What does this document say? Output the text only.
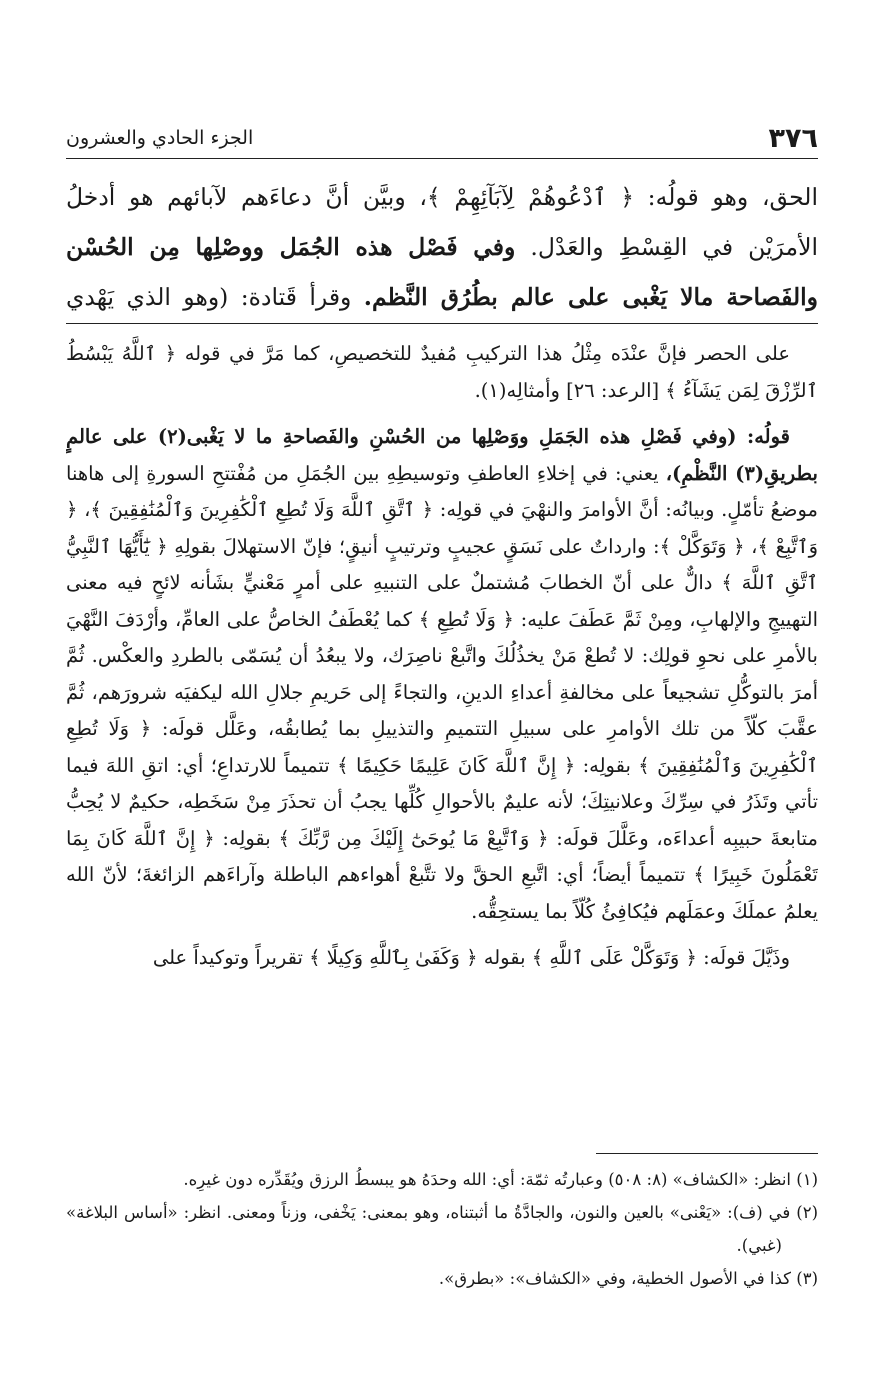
٣٧٦
الجزء الحادي والعشرون
الحق، وهو قولُه: ﴿ ٱدْعُوهُمْ لِآبَآئِهِمْ ﴾، وبيَّن أنَّ دعاءَهم لآبائهم هو أدخلُ الأمرَيْن في القِسْطِ والعَدْل. وفي فَصْل هذه الجُمَل ووصْلِها مِن الحُسْن والفَصاحة مالا يَغْبى على عالم بطُرُق النَّظم. وقرأ قَتادة: (وهو الذي يَهْدي

على الحصر فإنَّ عنْدَه مِثْلُ هذا التركيبِ مُفيدٌ للتخصيصِ، كما مَرَّ في قوله ﴿ ٱللَّهُ يَبْسُطُ ٱلرِّزْقَ لِمَن يَشَآءُ ﴾ [الرعد: ٢٦] وأمثالِه(١).

قولُه: (وفي فَصْلِ هذه الجَمَلِ ووَصْلِها من الحُسْنِ والفَصاحةِ ما لا يَغْبى(٢) على عالمٍ بطريقِ(٣) النَّظْمِ)، يعني: في إخلاءِ العاطفِ وتوسيطِهِ بين الجُمَلِ من مُفْتتحِ السورةِ إلى هاهنا موضعُ تأمّلٍ. وبيانُه: أنَّ الأوامرَ والنهْيَ في قولِه: ﴿ ٱتَّقِ ٱللَّهَ وَلَا تُطِعِ ٱلْكَٰفِرِينَ وَٱلْمُنَٰفِقِينَ ﴾، ﴿ وَٱتَّبِعْ ﴾، ﴿ وَتَوَكَّلْ ﴾: وارداتٌ على نَسَقٍ عجيبٍ وترتيبٍ أنيقٍ؛ فإنّ الاستهلالَ بقولِهِ ﴿ يَٰٓأَيُّهَا ٱلنَّبِيُّ ٱتَّقِ ٱللَّهَ ﴾ دالٌّ على أنّ الخطابَ مُشتملٌ على التنبيهِ على أمرٍ مَعْنيٍّ بشَأنه لائحٍ فيه معنى التهييجِ والإلهابِ، ومِنْ ثَمَّ عَطَفَ عليه: ﴿ وَلَا تُطِعِ ﴾ كما يُعْطَفُ الخاصُّ على العامِّ، وأرْدَفَ النَّهْيَ بالأمرِ على نحوِ قولِك: لا تُطعْ مَنْ يخذُلُكَ واتَّبعْ ناصِرَك، ولا يبعُدُ أن يُسَمّى بالطردِ والعكْس. ثُمَّ أمرَ بالتوكُّلِ تشجيعاً على مخالفةِ أعداءِ الدينِ، والتجاءً إلى حَريمِ جلالِ الله ليكفيَه شرورَهم، ثُمَّ عقَّبَ كلّاً من تلك الأوامرِ على سبيلِ التتميمِ والتذييلِ بما يُطابقُه، وعَلَّل قولَه: ﴿ وَلَا تُطِعِ ٱلْكَٰفِرِينَ وَٱلْمُنَٰفِقِينَ ﴾ بقولِه: ﴿ إِنَّ ٱللَّهَ كَانَ عَلِيمًا حَكِيمًا ﴾ تتميماً للارتداعِ؛ أي: اتقِ اللهَ فيما تأتي وتَذَرُ في سِرِّكَ وعلانيتِكَ؛ لأنه عليمٌ بالأحوالِ كُلِّها يجبُ أن تحذَرَ مِنْ سَخَطِه، حكيمٌ لا يُحِبُّ متابعةَ حبيبِه أعداءَه، وعَلَّلَ قولَه: ﴿ وَٱتَّبِعْ مَا يُوحَىٰٓ إِلَيْكَ مِن رَّبِّكَ ﴾ بقولِه: ﴿ إِنَّ ٱللَّهَ كَانَ بِمَا تَعْمَلُونَ خَبِيرًا ﴾ تتميماً أيضاً؛ أي: اتَّبعِ الحقَّ ولا تتَّبعْ أهواءهم الباطلة وآراءَهم الزائغةَ؛ لأنّ الله يعلمُ عملَكَ وعمَلَهم فيُكافِئُ كُلّاً بما يستحِقُّه.

وذَيَّلَ قولَه: ﴿ وَتَوَكَّلْ عَلَى ٱللَّهِ ﴾ بقوله ﴿ وَكَفَىٰ بِٱللَّهِ وَكِيلًا ﴾ تقريراً وتوكيداً على

(١) انظر: «الكشاف» (٨: ٥٠٨) وعبارتُه ثمّة: أي: الله وحدَهُ هو يبسطُ الرزق ويُقَدِّره دون غيرِه.

(٢) في (ف): «يَعْنى» بالعين والنون، والجادَّةُ ما أثبتناه، وهو بمعنى: يَخْفى، وزناً ومعنى. انظر: «أساس البلاغة» (غبي).

(٣) كذا في الأصول الخطية، وفي «الكشاف»: «بطرق».
